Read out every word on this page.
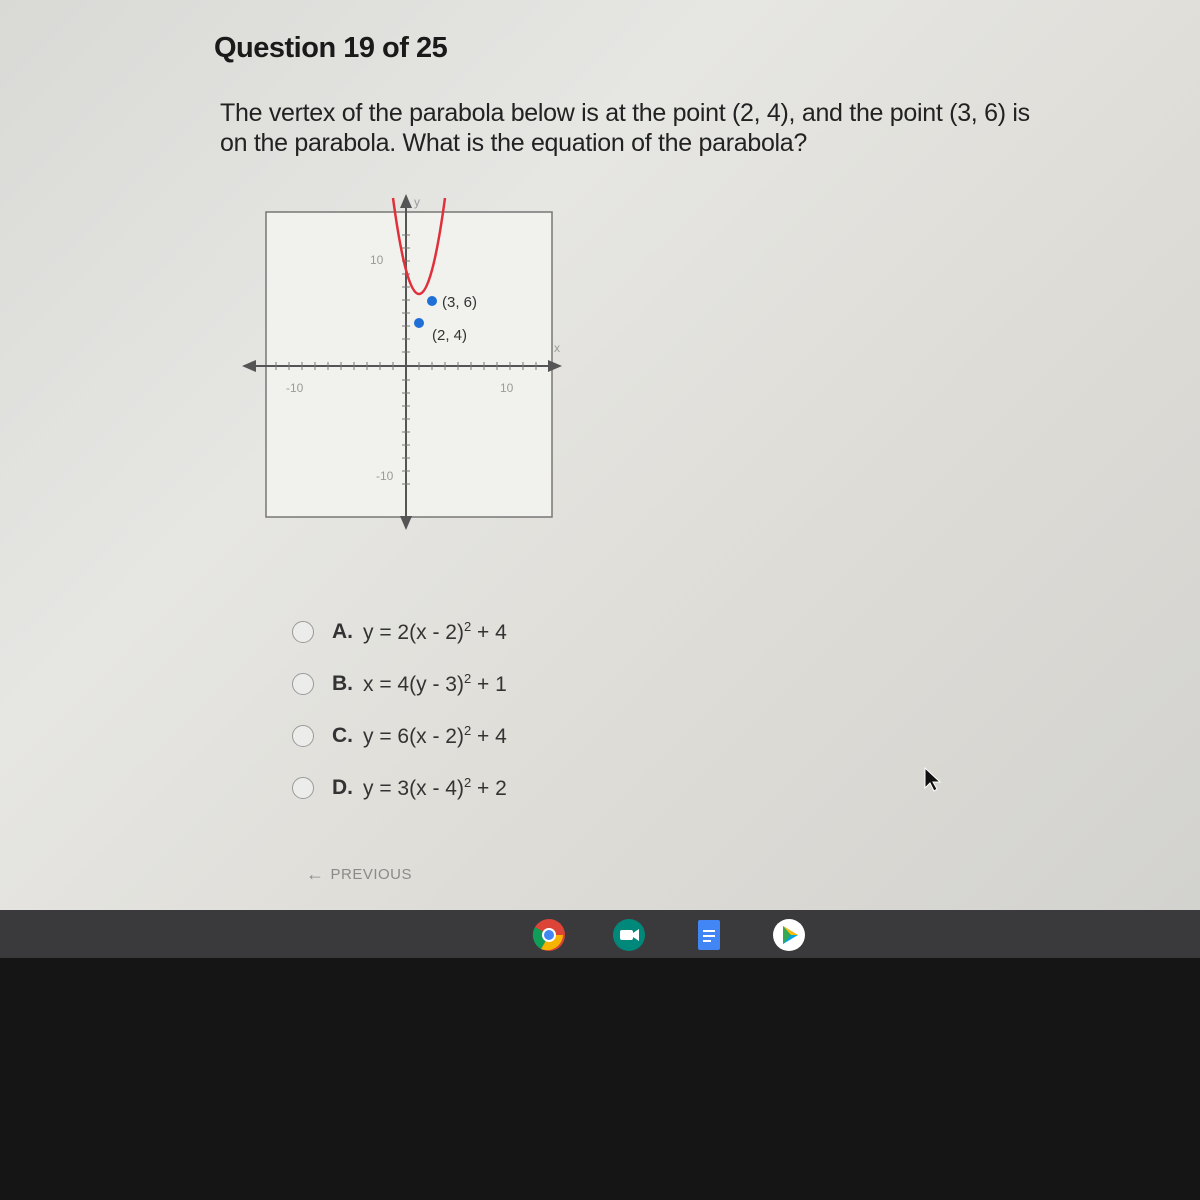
Question 19 of 25
The vertex of the parabola below is at the point (2, 4), and the point (3, 6) is on the parabola. What is the equation of the parabola?
y
x
-10	10
10
-10
(3, 6)
(2, 4)
A. y = 2(x - 2)$^2$ + 4
B. x = 4(y - 3)$^2$ + 1
C. y = 6(x - 2)$^2$ + 4
D. y = 3(x - 4)$^2$ + 2
← PREVIOUS
